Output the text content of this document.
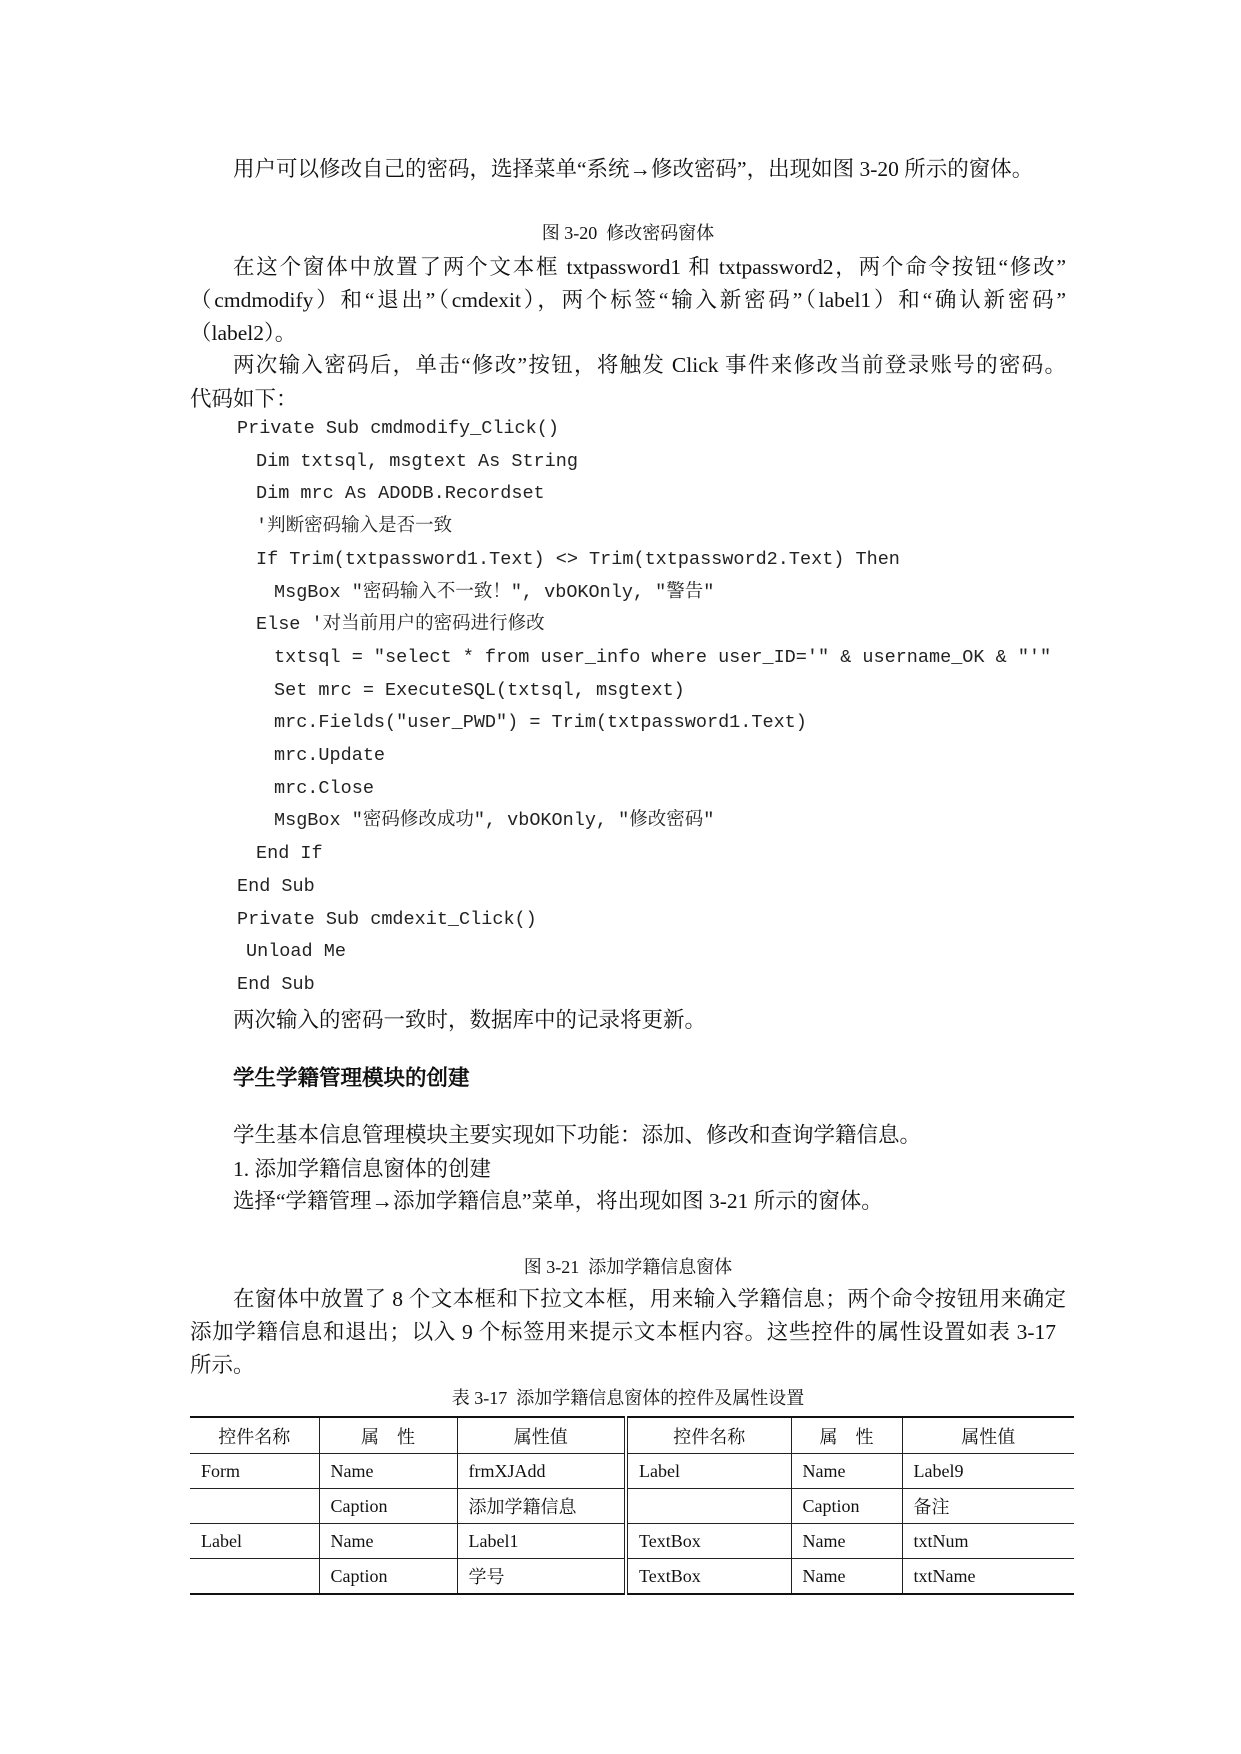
用户可以修改自己的密码，选择菜单“系统→修改密码”，出现如图 3-20 所示的窗体。
图 3-20  修改密码窗体
在这个窗体中放置了两个文本框 txtpassword1 和 txtpassword2，两个命令按钮“修改”
（cmdmodify）和“退出”（cmdexit），两个标签“输入新密码”（label1）和“确认新密码”
（label2）。
两次输入密码后，单击“修改”按钮，将触发 Click 事件来修改当前登录账号的密码。
代码如下：
Private Sub cmdmodify_Click()
Dim txtsql, msgtext As String
Dim mrc As ADODB.Recordset
'判断密码输入是否一致
If Trim(txtpassword1.Text) <> Trim(txtpassword2.Text) Then
MsgBox "密码输入不一致！", vbOKOnly, "警告"
Else '对当前用户的密码进行修改
txtsql = "select * from user_info where user_ID='" & username_OK & "'"
Set mrc = ExecuteSQL(txtsql, msgtext)
mrc.Fields("user_PWD") = Trim(txtpassword1.Text)
mrc.Update
mrc.Close
MsgBox "密码修改成功", vbOKOnly, "修改密码"
End If
End Sub
Private Sub cmdexit_Click()
Unload Me
End Sub
两次输入的密码一致时，数据库中的记录将更新。
学生学籍管理模块的创建
学生基本信息管理模块主要实现如下功能：添加、修改和查询学籍信息。
1. 添加学籍信息窗体的创建
选择“学籍管理→添加学籍信息”菜单，将出现如图 3-21 所示的窗体。
图 3-21  添加学籍信息窗体
在窗体中放置了 8 个文本框和下拉文本框，用来输入学籍信息；两个命令按钮用来确定
添加学籍信息和退出；以入 9 个标签用来提示文本框内容。这些控件的属性设置如表 3-17
所示。
表 3-17  添加学籍信息窗体的控件及属性设置
控件名称	属　性	属性值	控件名称	属　性	属性值
Form	Name	frmXJAdd	Label	Name	Label9
	Caption	添加学籍信息		Caption	备注
Label	Name	Label1	TextBox	Name	txtNum
	Caption	学号	TextBox	Name	txtName
